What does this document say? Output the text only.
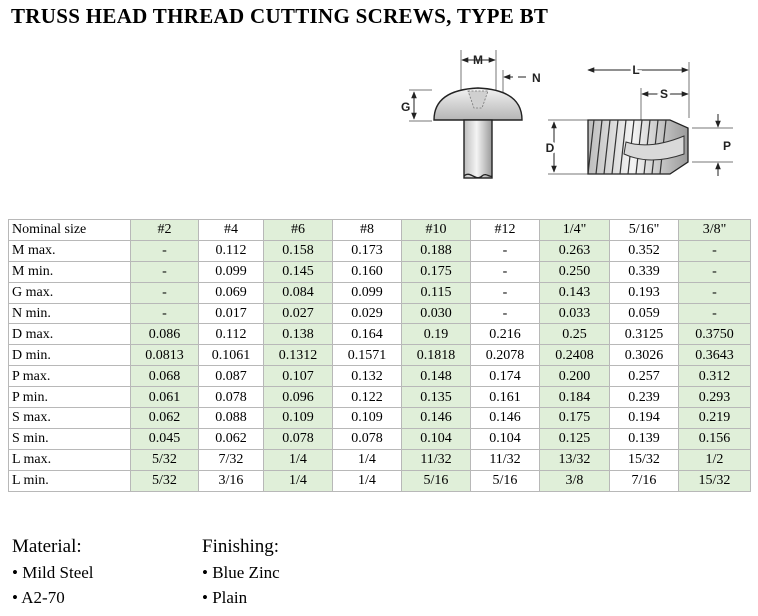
TRUSS HEAD THREAD CUTTING SCREWS, TYPE BT
M
N
G
L
S
D	P
Nominal size	#2	#4	#6	#8	#10	#12	1/4"	5/16"	3/8"
M max.	-	0.112	0.158	0.173	0.188	-	0.263	0.352	-
M min.	-	0.099	0.145	0.160	0.175	-	0.250	0.339	-
G max.	-	0.069	0.084	0.099	0.115	-	0.143	0.193	-
N min.	-	0.017	0.027	0.029	0.030	-	0.033	0.059	-
D max.	0.086	0.112	0.138	0.164	0.19	0.216	0.25	0.3125	0.3750
D min.	0.0813	0.1061	0.1312	0.1571	0.1818	0.2078	0.2408	0.3026	0.3643
P max.	0.068	0.087	0.107	0.132	0.148	0.174	0.200	0.257	0.312
P min.	0.061	0.078	0.096	0.122	0.135	0.161	0.184	0.239	0.293
S max.	0.062	0.088	0.109	0.109	0.146	0.146	0.175	0.194	0.219
S min.	0.045	0.062	0.078	0.078	0.104	0.104	0.125	0.139	0.156
L max.	5/32	7/32	1/4	1/4	11/32	11/32	13/32	15/32	1/2
L min.	5/32	3/16	1/4	1/4	5/16	5/16	3/8	7/16	15/32
Material:
• Mild Steel
• A2-70
Finishing:
• Blue Zinc
• Plain
